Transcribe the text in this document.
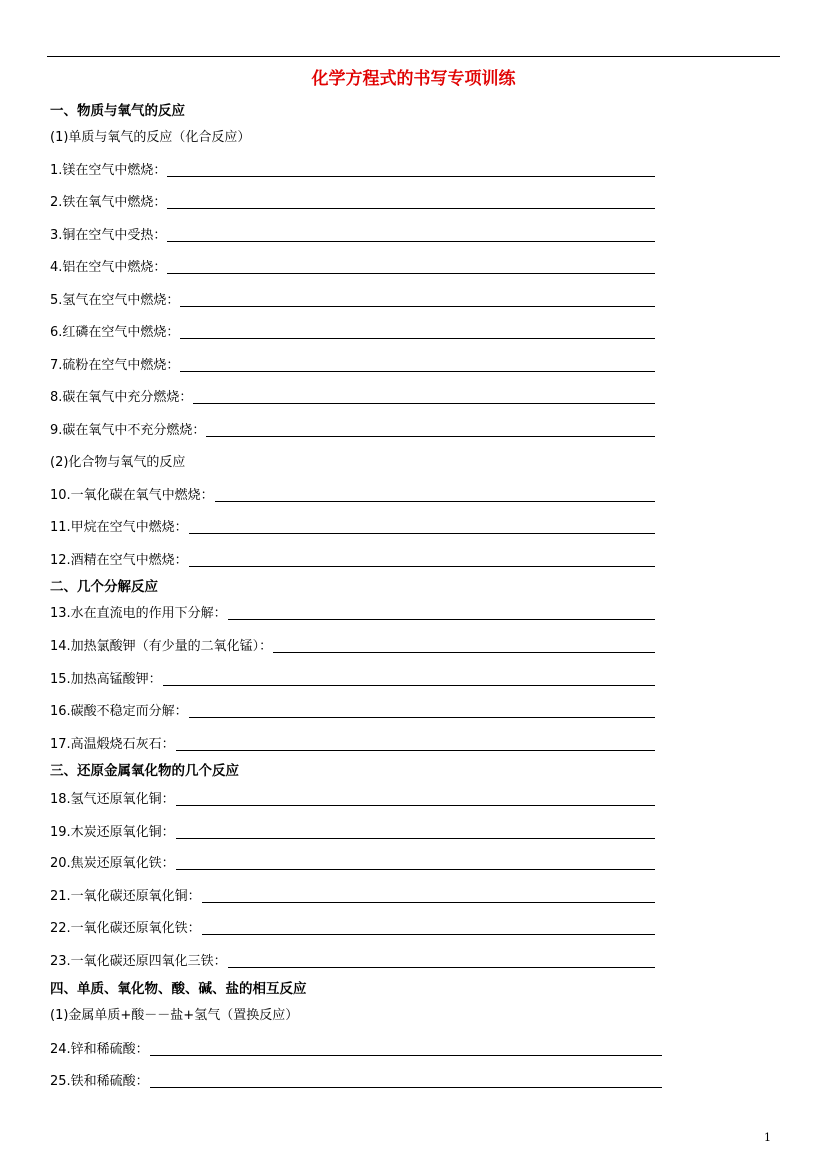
化学方程式的书写专项训练
一、物质与氧气的反应
(1)单质与氧气的反应（化合反应）
1.镁在空气中燃烧：
2.铁在氧气中燃烧：
3.铜在空气中受热：
4.铝在空气中燃烧：
5.氢气在空气中燃烧：
6.红磷在空气中燃烧：
7.硫粉在空气中燃烧：
8.碳在氧气中充分燃烧：
9.碳在氧气中不充分燃烧：
(2)化合物与氧气的反应
10.一氧化碳在氧气中燃烧：
11.甲烷在空气中燃烧：
12.酒精在空气中燃烧：
二、几个分解反应
13.水在直流电的作用下分解：
14.加热氯酸钾（有少量的二氧化锰）：
15.加热高锰酸钾：
16.碳酸不稳定而分解：
17.高温煅烧石灰石：
三、还原金属氧化物的几个反应
18.氢气还原氧化铜：
19.木炭还原氧化铜：
20.焦炭还原氧化铁：
21.一氧化碳还原氧化铜：
22.一氧化碳还原氧化铁：
23.一氧化碳还原四氧化三铁：
四、单质、氧化物、酸、碱、盐的相互反应
(1)金属单质+酸－－盐+氢气（置换反应）
24.锌和稀硫酸：
25.铁和稀硫酸：
1
